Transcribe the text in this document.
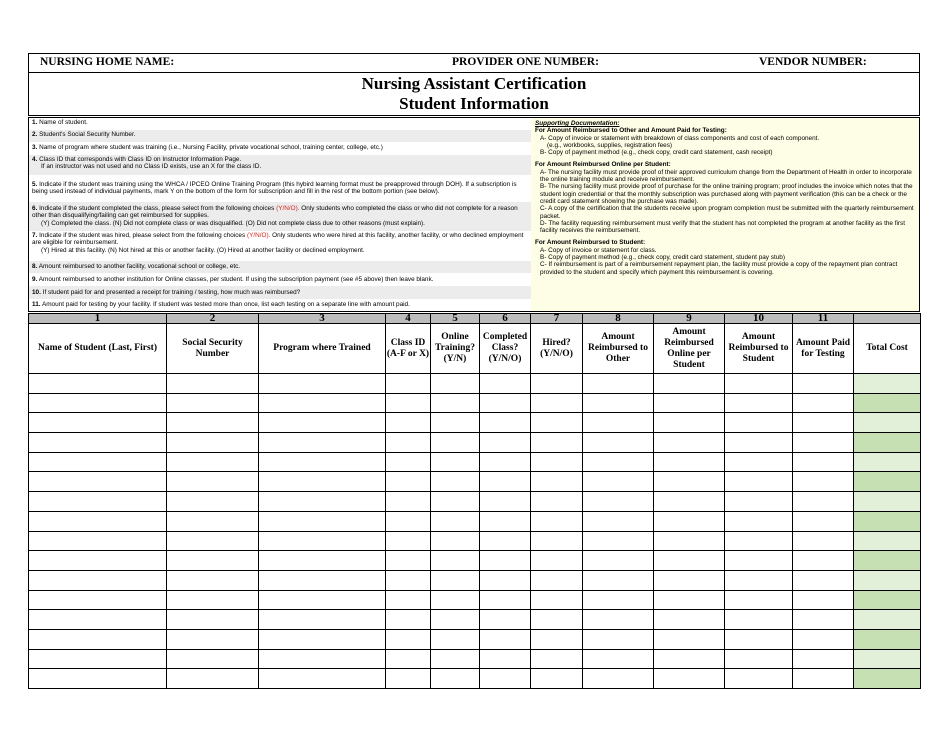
NURSING HOME NAME:	PROVIDER ONE NUMBER:	VENDOR NUMBER:
Nursing Assistant Certification
Student Information
1. Name of student.
2. Student's Social Security Number.
3. Name of program where student was training (i.e., Nursing Facility, private vocational school, training center, college, etc.)
4. Class ID that corresponds with Class ID on Instructor Information Page.
If an instructor was not used and no Class ID exists, use an X for the class ID.
5. Indicate if the student was training using the WHCA / IPCEO Online Training Program (this hybird learning format must be preapproved through DOH). If a subscription is being used instead of individual payments, mark Y on the bottom of the form for subscription and fill in the rest of the bottom portion (see below).
6. Indicate if the student completed the class, please select from the following choices (Y/N/O). Only students who completed the class or who did not complete for a reason other than disqualifying/failing can get reimbursed for supplies.
(Y) Completed the class. (N) Did not complete class or was disqualified. (O) Did not complete class due to other reasons (must explain).
7. Indicate if the student was hired, please select from the following choices (Y/N/O). Only students who were hired at this facility, another facility, or who declined employment are eligible for reimbursement.
(Y) Hired at this facility. (N) Not hired at this or another facility. (O) Hired at another facility or declined employment.
8. Amount reimbursed to another facility, vocational school or college, etc.
9. Amount reimbursed to another institution for Online classes, per student. If using the subscription payment (see #5 above) then leave blank.
10. If student paid for and presented a receipt for training / testing, how much was reimbursed?
11. Amount paid for testing by your facility. If student was tested more than once, list each testing on a separate line with amount paid.
Supporting Documentation:
For Amount Reimbursed to Other and Amount Paid for Testing:
A- Copy of invoice or statement with breakdown of class components and cost of each component.
(e.g., workbooks, supplies, registration fees)
B- Copy of payment method (e.g., check copy, credit card statement, cash receipt)
For Amount Reimbursed Online per Student:
A- The nursing facility must provide proof of their approved curriculum change from the Department of Health in order to incorporate the online training module and receive reimbursement.
B- The nursing facility must provide proof of purchase for the online training program; proof includes the invoice which notes that the student login credential or that the monthly subscription was purchased along with payment verification (this can be a check or the credit card statement showing the purchase was made).
C- A copy of the certification that the students receive upon program completion must be submitted with the quarterly reimbursement packet.
D- The facility requesting reimbursement must verify that the student has not completed the program at another facility as the first facility receives the reimbursement.
For Amount Reimbursed to Student:
A- Copy of invoice or statement for class.
B- Copy of payment method (e.g., check copy, credit card statement, student pay stub)
C- If reimbursement is part of a reimbursement repayment plan, the facility must provide a copy of the repayment plan contract provided to the student and specify which payment this reimbursement is covering.
1	2	3	4	5	6	7	8	9	10	11	
Name of Student (Last, First)	Social Security Number	Program where Trained	Class ID (A-F or X)	Online Training? (Y/N)	Completed Class? (Y/N/O)	Hired? (Y/N/O)	Amount Reimbursed to Other	Amount Reimbursed Online per Student	Amount Reimbursed to Student	Amount Paid for Testing	Total Cost
